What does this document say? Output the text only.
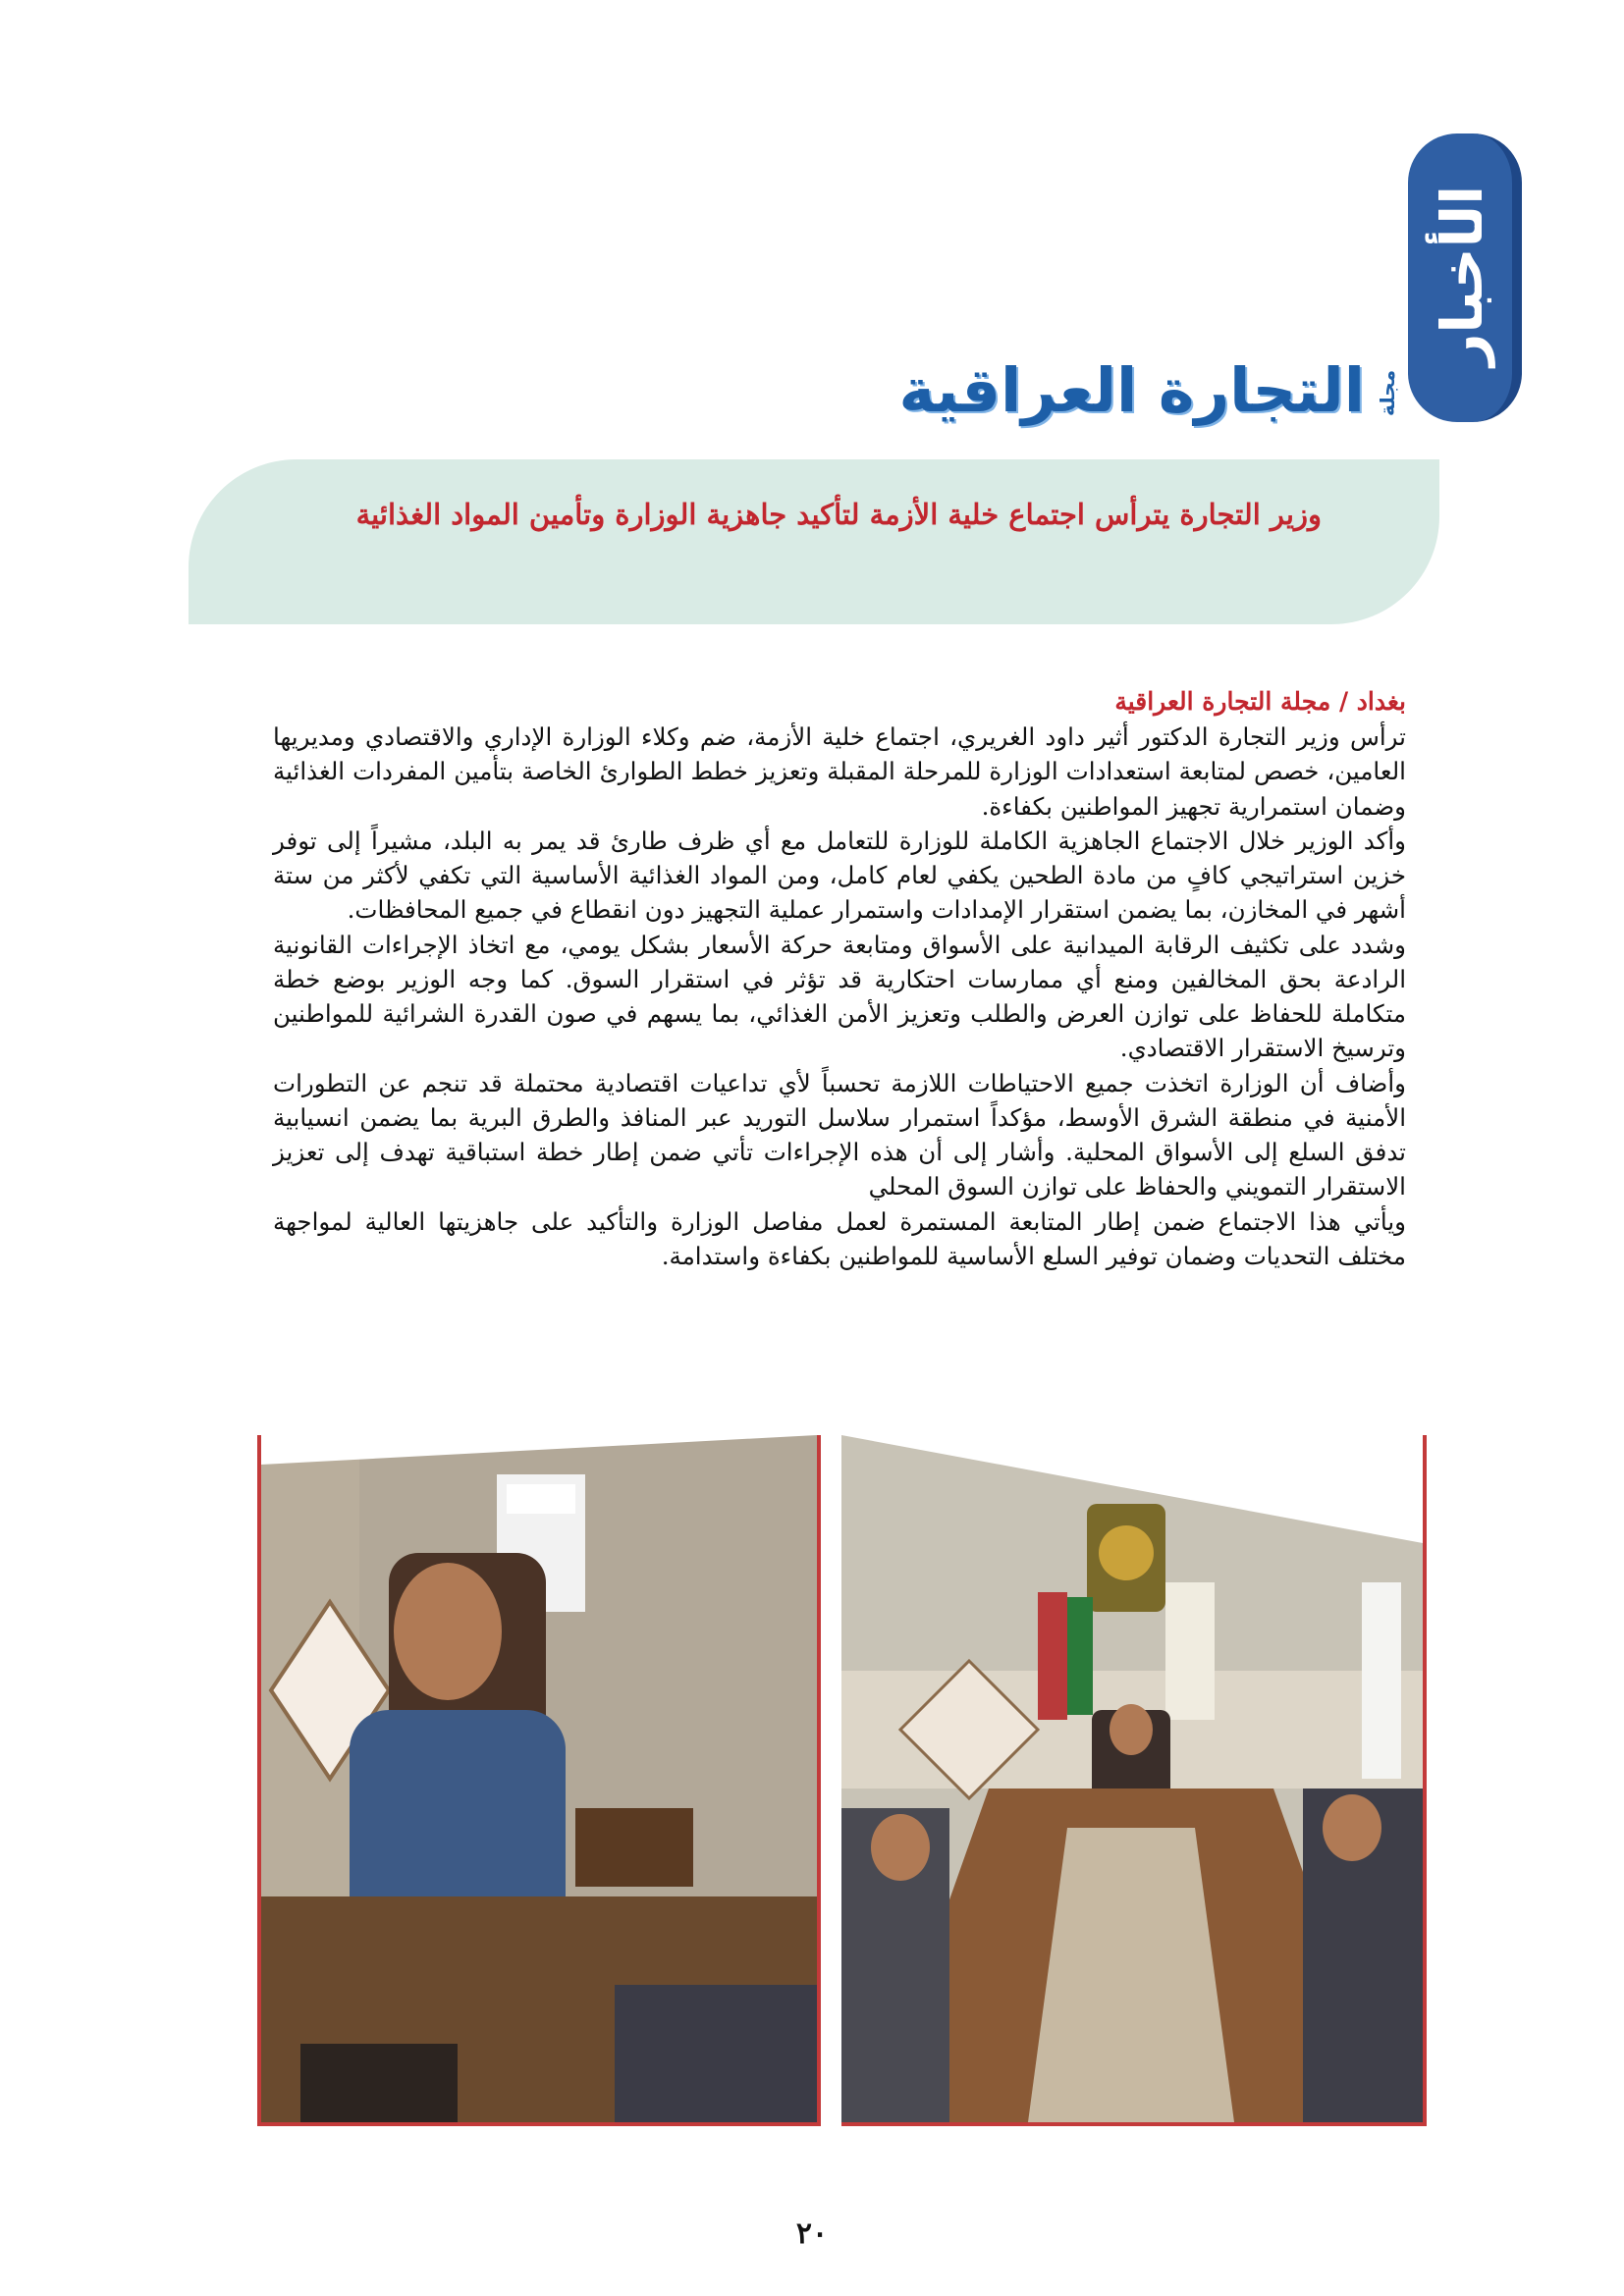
الأخبار
التجارة العراقية مجلة
وزير التجارة يترأس اجتماع خلية الأزمة لتأكيد جاهزية الوزارة وتأمين المواد الغذائية
بغداد / مجلة التجارة العراقية

ترأس وزير التجارة الدكتور أثير داود الغريري، اجتماع خلية الأزمة، ضم وكلاء الوزارة الإداري والاقتصادي ومديريها العامين، خصص لمتابعة استعدادات الوزارة للمرحلة المقبلة وتعزيز خطط الطوارئ الخاصة بتأمين المفردات الغذائية وضمان استمرارية تجهيز المواطنين بكفاءة.

وأكد الوزير خلال الاجتماع الجاهزية الكاملة للوزارة للتعامل مع أي ظرف طارئ قد يمر به البلد، مشيراً إلى توفر خزين استراتيجي كافٍ من مادة الطحين يكفي لعام كامل، ومن المواد الغذائية الأساسية التي تكفي لأكثر من ستة أشهر في المخازن، بما يضمن استقرار الإمدادات واستمرار عملية التجهيز دون انقطاع في جميع المحافظات.

وشدد على تكثيف الرقابة الميدانية على الأسواق ومتابعة حركة الأسعار بشكل يومي، مع اتخاذ الإجراءات القانونية الرادعة بحق المخالفين ومنع أي ممارسات احتكارية قد تؤثر في استقرار السوق. كما وجه الوزير بوضع خطة متكاملة للحفاظ على توازن العرض والطلب وتعزيز الأمن الغذائي، بما يسهم في صون القدرة الشرائية للمواطنين وترسيخ الاستقرار الاقتصادي.

وأضاف أن الوزارة اتخذت جميع الاحتياطات اللازمة تحسباً لأي تداعيات اقتصادية محتملة قد تنجم عن التطورات الأمنية في منطقة الشرق الأوسط، مؤكداً استمرار سلاسل التوريد عبر المنافذ والطرق البرية بما يضمن انسيابية تدفق السلع إلى الأسواق المحلية. وأشار إلى أن هذه الإجراءات تأتي ضمن إطار خطة استباقية تهدف إلى تعزيز الاستقرار التمويني والحفاظ على توازن السوق المحلي

ويأتي هذا الاجتماع ضمن إطار المتابعة المستمرة لعمل مفاصل الوزارة والتأكيد على جاهزيتها العالية لمواجهة مختلف التحديات وضمان توفير السلع الأساسية للمواطنين بكفاءة واستدامة.

٢٠
